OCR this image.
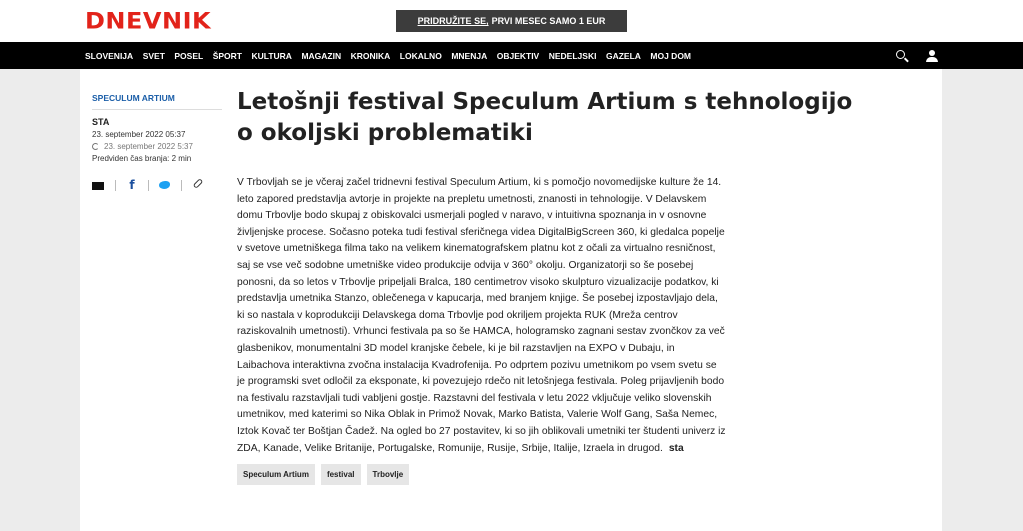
DNEVNIK	PRIDRUŽITE SE, PRVI MESEC SAMO 1 EUR
SLOVENIJA SVET POSEL ŠPORT KULTURA MAGAZIN KRONIKA LOKALNO MNENJA OBJEKTIV NEDELJSKI GAZELA MOJ DOM
SPECULUM ARTIUM
STA
23. september 2022 05:37
23. september 2022 5:37
Predviden čas branja: 2 min
f
Letošnji festival Speculum Artium s tehnologijo o okoljski problematiki

V Trbovljah se je včeraj začel tridnevni festival Speculum Artium, ki s pomočjo novomedijske kulture že 14. leto zapored predstavlja avtorje in projekte na prepletu umetnosti, znanosti in tehnologije. V Delavskem domu Trbovlje bodo skupaj z obiskovalci usmerjali pogled v naravo, v intuitivna spoznanja in v osnovne življenjske procese. Sočasno poteka tudi festival sferičnega videa DigitalBigScreen 360, ki gledalca popelje v svetove umetniškega filma tako na velikem kinematografskem platnu kot z očali za virtualno resničnost, saj se vse več sodobne umetniške video produkcije odvija v 360° okolju. Organizatorji so še posebej ponosni, da so letos v Trbovlje pripeljali Bralca, 180 centimetrov visoko skulpturo vizualizacije podatkov, ki predstavlja umetnika Stanzo, oblečenega v kapucarja, med branjem knjige. Še posebej izpostavljajo dela, ki so nastala v koprodukciji Delavskega doma Trbovlje pod okriljem projekta RUK (Mreža centrov raziskovalnih umetnosti). Vrhunci festivala pa so še HAMCA, hologramsko zagnani sestav zvončkov za več glasbenikov, monumentalni 3D model kranjske čebele, ki je bil razstavljen na EXPO v Dubaju, in Laibachova interaktivna zvočna instalacija Kvadrofenija. Po odprtem pozivu umetnikom po vsem svetu se je programski svet odločil za eksponate, ki povezujejo rdečo nit letošnjega festivala. Poleg prijavljenih bodo na festivalu razstavljali tudi vabljeni gostje. Razstavni del festivala v letu 2022 vključuje veliko slovenskih umetnikov, med katerimi so Nika Oblak in Primož Novak, Marko Batista, Valerie Wolf Gang, Saša Nemec, Iztok Kovač ter Boštjan Čadež. Na ogled bo 27 postavitev, ki so jih oblikovali umetniki ter študenti univerz iz ZDA, Kanade, Velike Britanije, Portugalske, Romunije, Rusije, Srbije, Italije, Izraela in drugod. sta

Speculum Artium	festival	Trbovlje
